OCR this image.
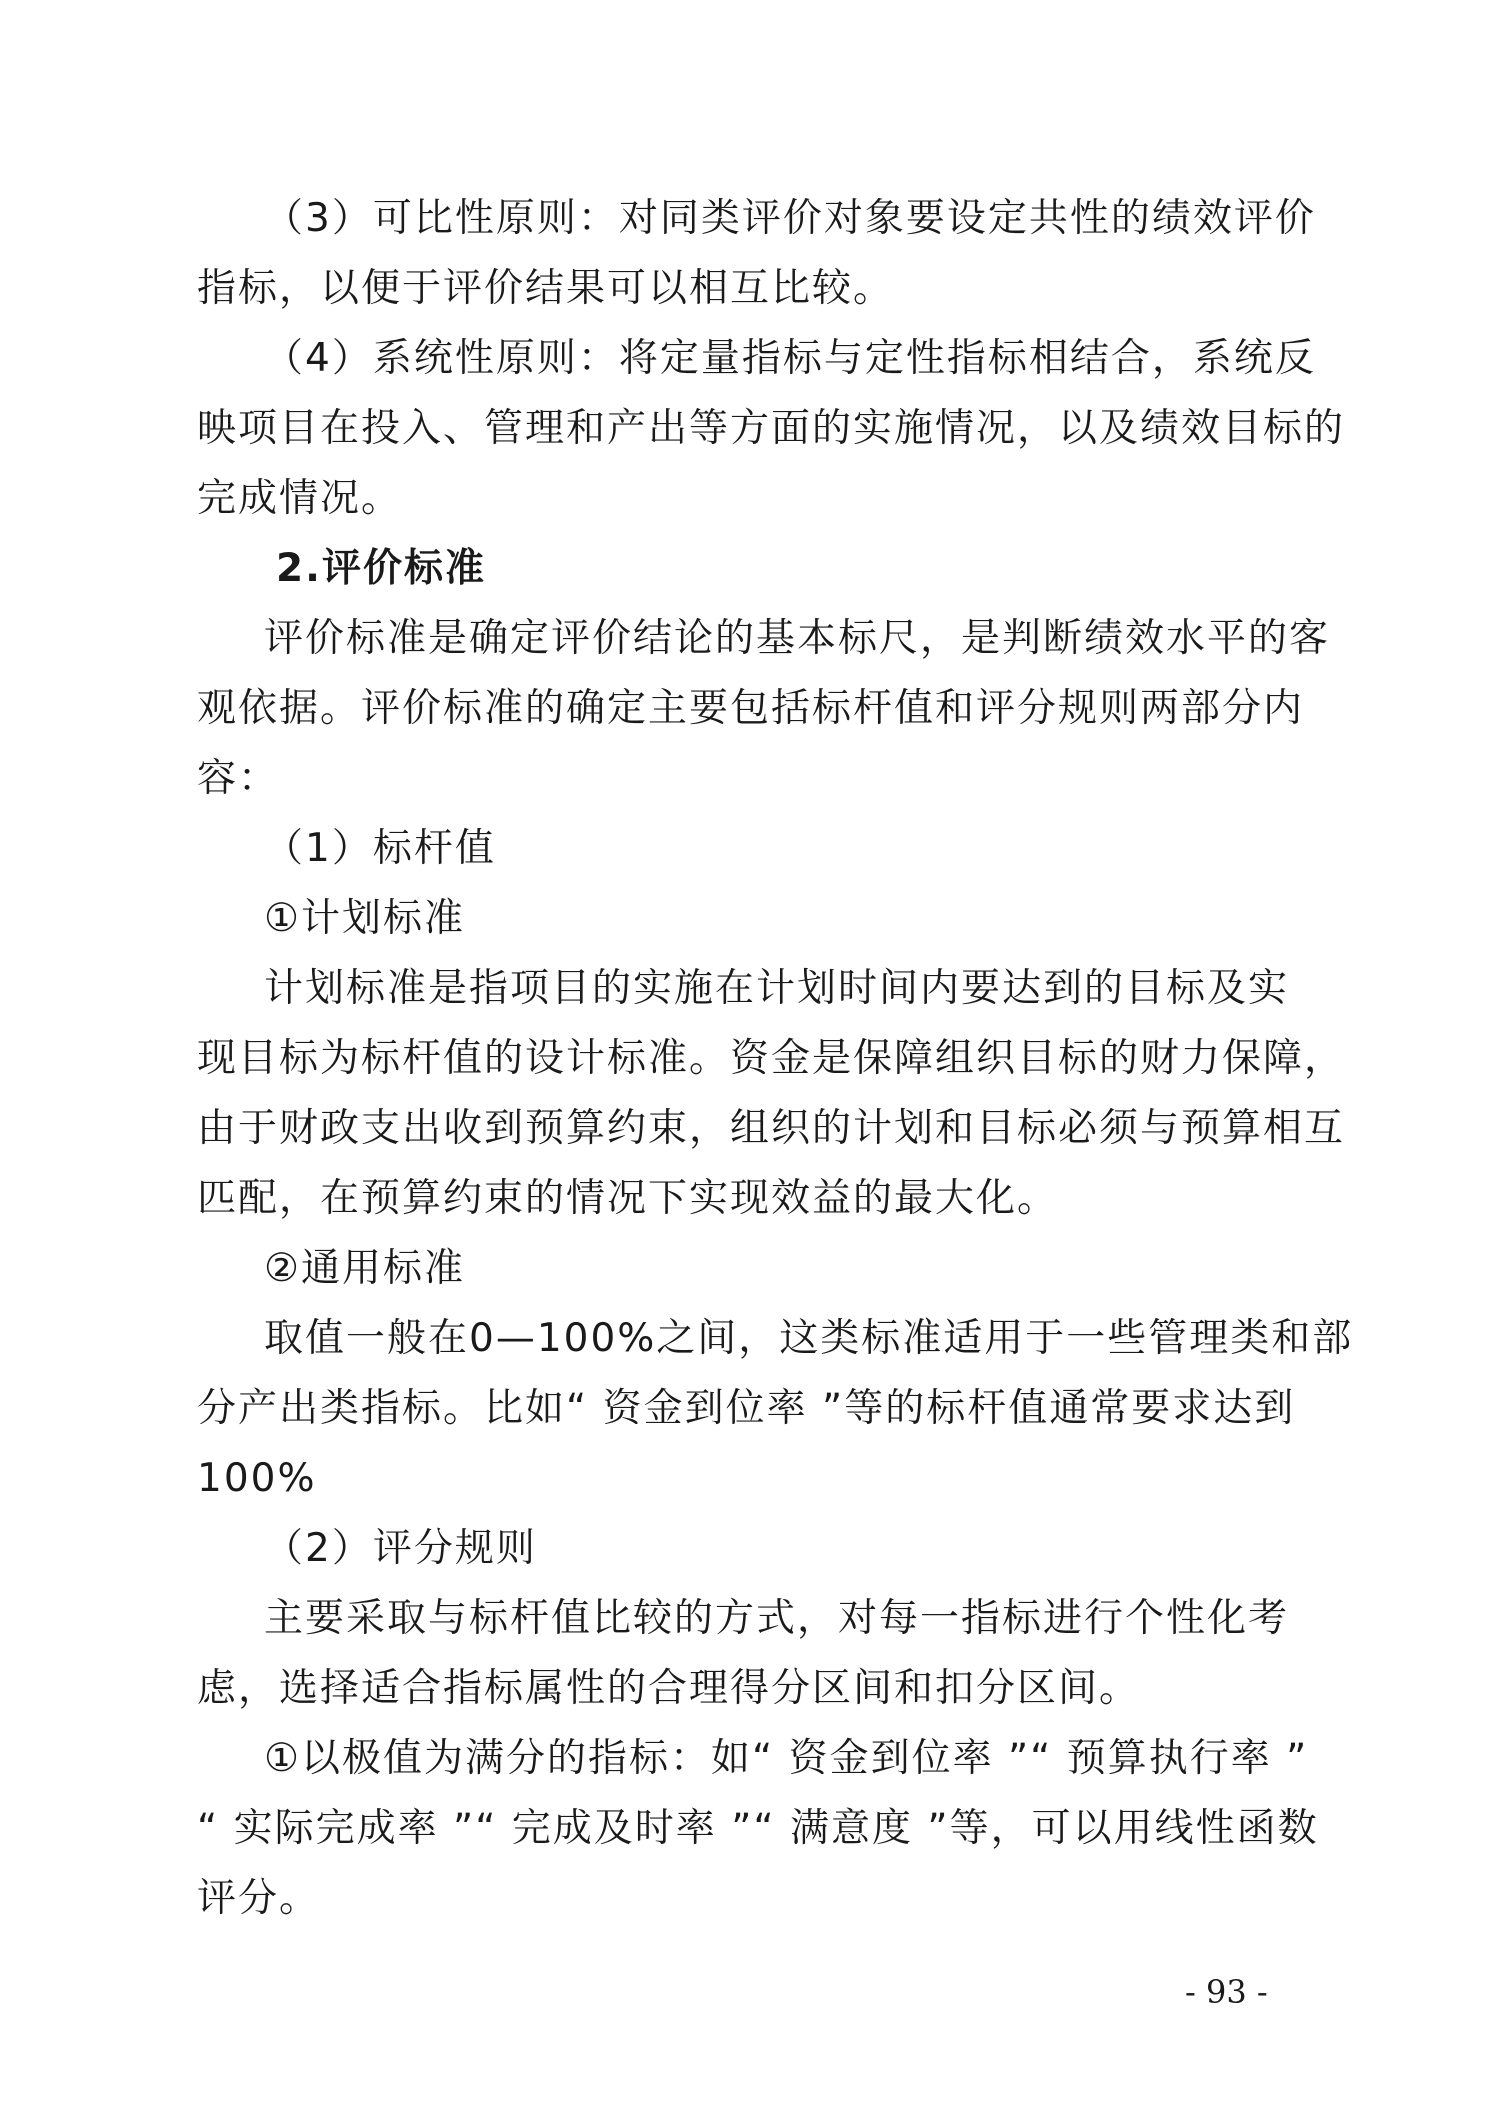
（3）可比性原则：对同类评价对象要设定共性的绩效评价
指标，以便于评价结果可以相互比较。
（4）系统性原则：将定量指标与定性指标相结合，系统反
映项目在投入、管理和产出等方面的实施情况，以及绩效目标的
完成情况。
2.评价标准
评价标准是确定评价结论的基本标尺，是判断绩效水平的客
观依据。评价标准的确定主要包括标杆值和评分规则两部分内
容：
（1）标杆值
①计划标准
计划标准是指项目的实施在计划时间内要达到的目标及实
现目标为标杆值的设计标准。资金是保障组织目标的财力保障，
由于财政支出收到预算约束，组织的计划和目标必须与预算相互
匹配，在预算约束的情况下实现效益的最大化。
②通用标准
取值一般在0—100%之间，这类标准适用于一些管理类和部
分产出类指标。比如“ 资金到位率 ”等的标杆值通常要求达到
100%
（2）评分规则
主要采取与标杆值比较的方式，对每一指标进行个性化考
虑，选择适合指标属性的合理得分区间和扣分区间。
①以极值为满分的指标：如“ 资金到位率 ”“ 预算执行率 ”
“ 实际完成率 ”“ 完成及时率 ”“ 满意度 ”等，可以用线性函数
评分。
- 93 -
